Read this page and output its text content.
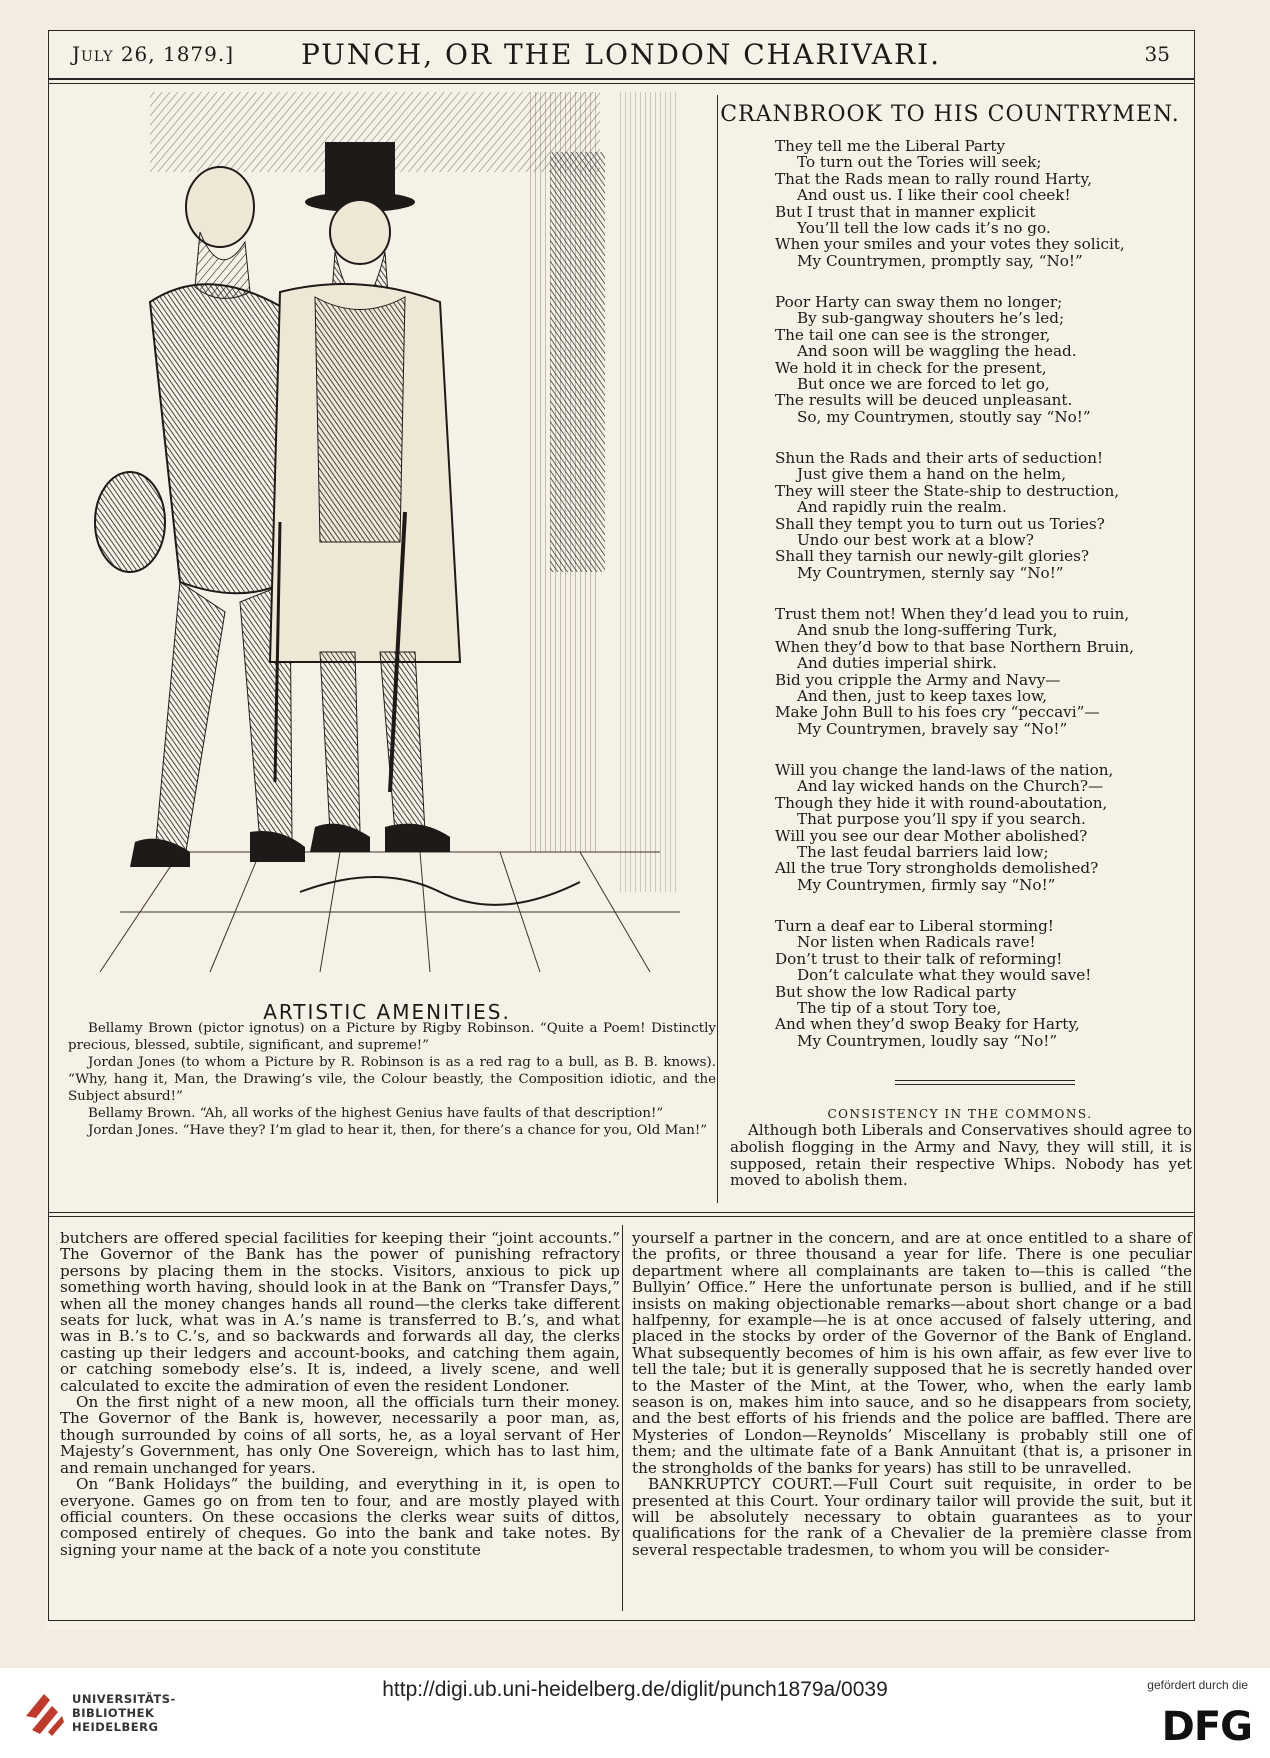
July 26, 1879.]	PUNCH, OR THE LONDON CHARIVARI.	35
ARTISTIC AMENITIES.

Bellamy Brown (pictor ignotus) on a Picture by Rigby Robinson. “Quite a Poem! Distinctly precious, blessed, subtile, significant, and supreme!”

Jordan Jones (to whom a Picture by R. Robinson is as a red rag to a bull, as B. B. knows). “Why, hang it, Man, the Drawing’s vile, the Colour beastly, the Composition idiotic, and the Subject absurd!”

Bellamy Brown. “Ah, all works of the highest Genius have faults of that description!”

Jordan Jones. “Have they? I’m glad to hear it, then, for there’s a chance for you, Old Man!”

CRANBROOK TO HIS COUNTRYMEN.
They tell me the Liberal Party
To turn out the Tories will seek;
That the Rads mean to rally round Harty,
And oust us. I like their cool cheek!
But I trust that in manner explicit
You’ll tell the low cads it’s no go.
When your smiles and your votes they solicit,
My Countrymen, promptly say, “No!”
Poor Harty can sway them no longer;
By sub-gangway shouters he’s led;
The tail one can see is the stronger,
And soon will be waggling the head.
We hold it in check for the present,
But once we are forced to let go,
The results will be deuced unpleasant.
So, my Countrymen, stoutly say “No!”
Shun the Rads and their arts of seduction!
Just give them a hand on the helm,
They will steer the State-ship to destruction,
And rapidly ruin the realm.
Shall they tempt you to turn out us Tories?
Undo our best work at a blow?
Shall they tarnish our newly-gilt glories?
My Countrymen, sternly say “No!”
Trust them not! When they’d lead you to ruin,
And snub the long-suffering Turk,
When they’d bow to that base Northern Bruin,
And duties imperial shirk.
Bid you cripple the Army and Navy—
And then, just to keep taxes low,
Make John Bull to his foes cry “peccavi”—
My Countrymen, bravely say “No!”
Will you change the land-laws of the nation,
And lay wicked hands on the Church?—
Though they hide it with round-aboutation,
That purpose you’ll spy if you search.
Will you see our dear Mother abolished?
The last feudal barriers laid low;
All the true Tory strongholds demolished?
My Countrymen, firmly say “No!”
Turn a deaf ear to Liberal storming!
Nor listen when Radicals rave!
Don’t trust to their talk of reforming!
Don’t calculate what they would save!
But show the low Radical party
The tip of a stout Tory toe,
And when they’d swop Beaky for Harty,
My Countrymen, loudly say “No!”
CONSISTENCY IN THE COMMONS.

Although both Liberals and Conservatives should agree to abolish flogging in the Army and Navy, they will still, it is supposed, retain their respective Whips. Nobody has yet moved to abolish them.

butchers are offered special facilities for keeping their “joint accounts.” The Governor of the Bank has the power of punishing refractory persons by placing them in the stocks. Visitors, anxious to pick up something worth having, should look in at the Bank on “Transfer Days,” when all the money changes hands all round—the clerks take different seats for luck, what was in A.’s name is transferred to B.’s, and what was in B.’s to C.’s, and so backwards and forwards all day, the clerks casting up their ledgers and account-books, and catching them again, or catching somebody else’s. It is, indeed, a lively scene, and well calculated to excite the admiration of even the resident Londoner.

On the first night of a new moon, all the officials turn their money. The Governor of the Bank is, however, necessarily a poor man, as, though surrounded by coins of all sorts, he, as a loyal servant of Her Majesty’s Government, has only One Sovereign, which has to last him, and remain unchanged for years.

On “Bank Holidays” the building, and everything in it, is open to everyone. Games go on from ten to four, and are mostly played with official counters. On these occasions the clerks wear suits of dittos, composed entirely of cheques. Go into the bank and take notes. By signing your name at the back of a note you constitute

yourself a partner in the concern, and are at once entitled to a share of the profits, or three thousand a year for life. There is one peculiar department where all complainants are taken to—this is called “the Bullyin’ Office.” Here the unfortunate person is bullied, and if he still insists on making objectionable remarks—about short change or a bad halfpenny, for example—he is at once accused of falsely uttering, and placed in the stocks by order of the Governor of the Bank of England. What subsequently becomes of him is his own affair, as few ever live to tell the tale; but it is generally supposed that he is secretly handed over to the Master of the Mint, at the Tower, who, when the early lamb season is on, makes him into sauce, and so he disappears from society, and the best efforts of his friends and the police are baffled. There are Mysteries of London—Reynolds’ Miscellany is probably still one of them; and the ultimate fate of a Bank Annuitant (that is, a prisoner in the strongholds of the banks for years) has still to be unravelled.

BANKRUPTCY COURT.—Full Court suit requisite, in order to be presented at this Court. Your ordinary tailor will provide the suit, but it will be absolutely necessary to obtain guarantees as to your qualifications for the rank of a Chevalier de la première classe from several respectable tradesmen, to whom you will be consider-

UNIVERSITÄTS-
BIBLIOTHEK
HEIDELBERG
http://digi.ub.uni-heidelberg.de/diglit/punch1879a/0039	gefördert durch die
DFG
